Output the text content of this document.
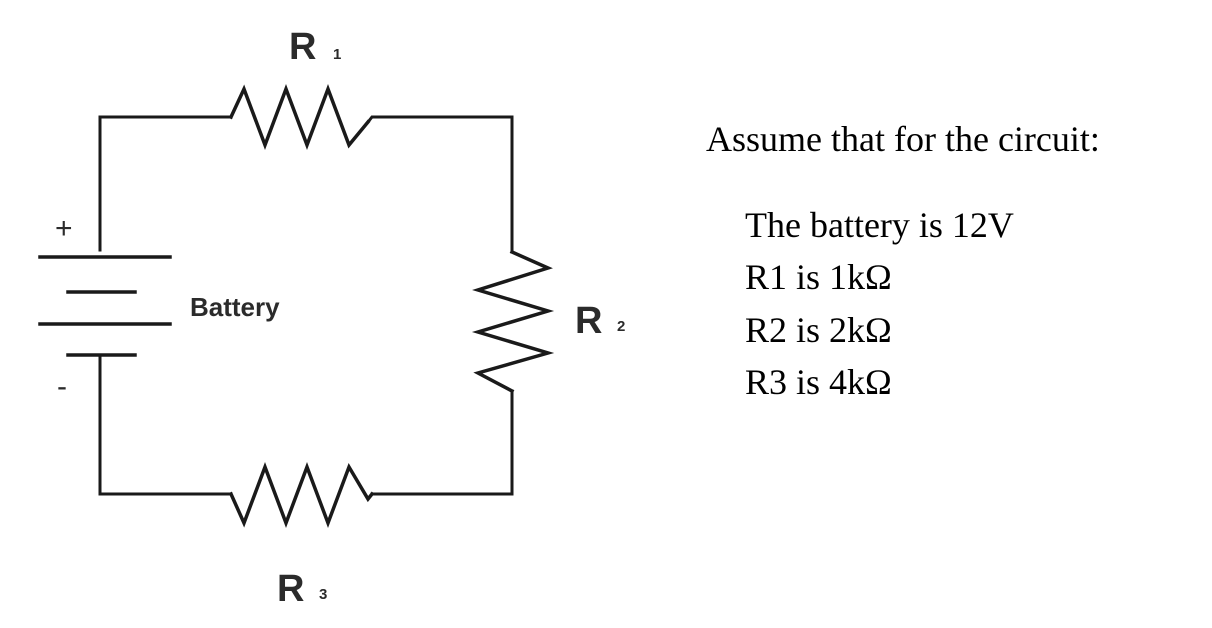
+
-
Battery
R 1
R 2
R 3
Assume that for the circuit:
The battery is 12V
R1 is 1kΩ
R2 is 2kΩ
R3 is 4kΩ
